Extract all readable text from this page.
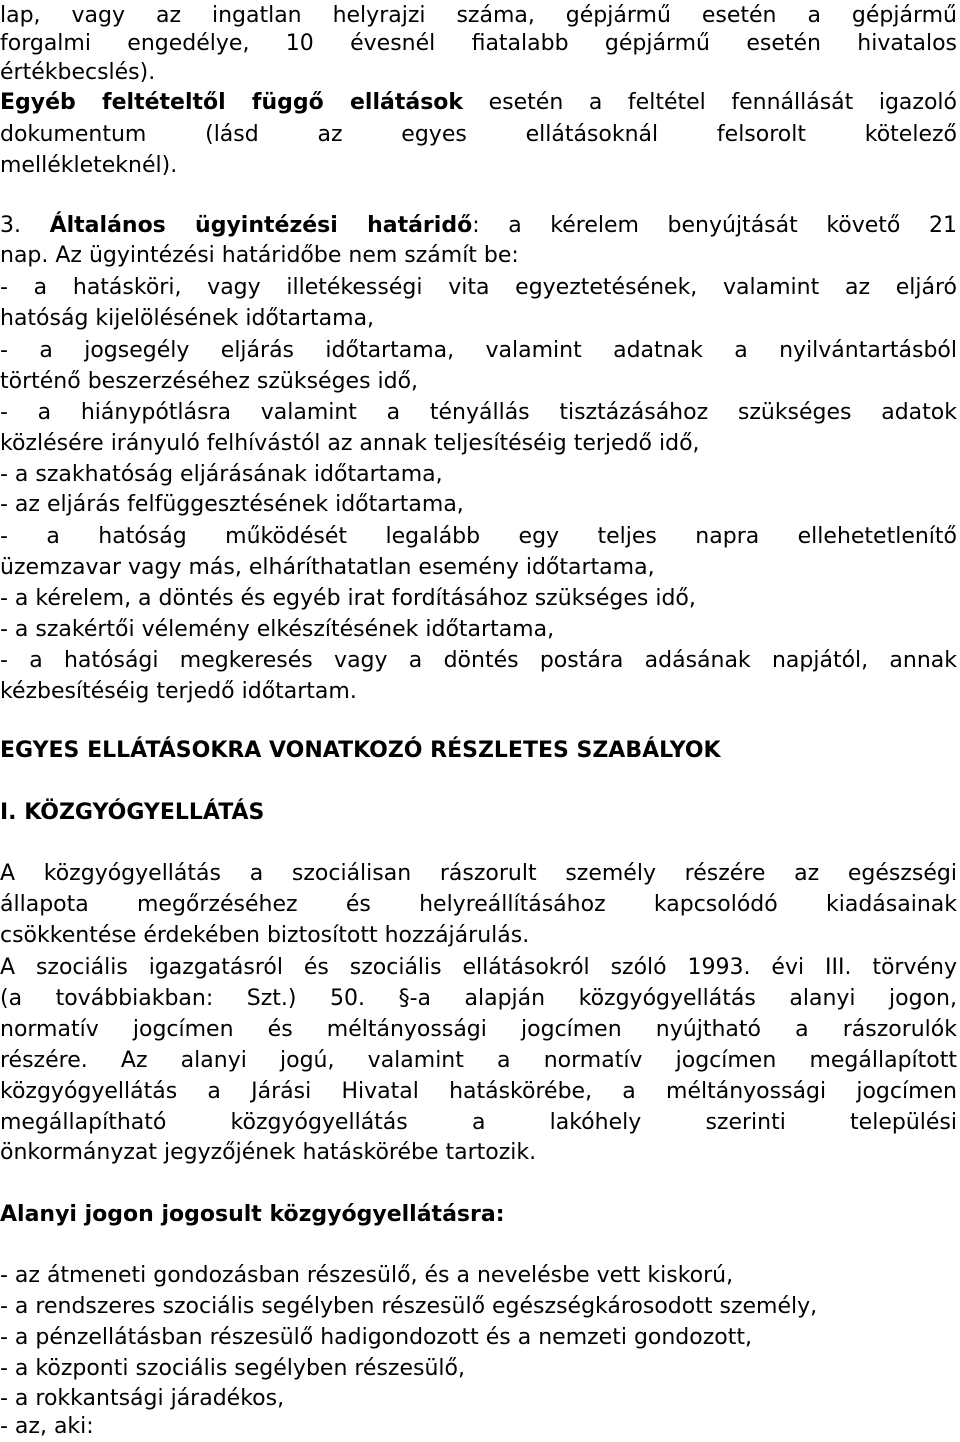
lap, vagy az ingatlan helyrajzi száma, gépjármű esetén a gépjármű
forgalmi engedélye, 10 évesnél fiatalabb gépjármű esetén hivatalos
értékbecslés).
Egyéb feltételtől függő ellátások esetén a feltétel fennállását igazoló
dokumentum (lásd az egyes ellátásoknál felsorolt kötelező
mellékleteknél).
3. Általános ügyintézési határidő: a kérelem benyújtását követő 21
nap. Az ügyintézési határidőbe nem számít be:
- a hatásköri, vagy illetékességi vita egyeztetésének, valamint az eljáró
hatóság kijelölésének időtartama,
- a jogsegély eljárás időtartama, valamint adatnak a nyilvántartásból
történő beszerzéséhez szükséges idő,
- a hiánypótlásra valamint a tényállás tisztázásához szükséges adatok
közlésére irányuló felhívástól az annak teljesítéséig terjedő idő,
- a szakhatóság eljárásának időtartama,
- az eljárás felfüggesztésének időtartama,
- a hatóság működését legalább egy teljes napra ellehetetlenítő
üzemzavar vagy más, elháríthatatlan esemény időtartama,
- a kérelem, a döntés és egyéb irat fordításához szükséges idő,
- a szakértői vélemény elkészítésének időtartama,
- a hatósági megkeresés vagy a döntés postára adásának napjától, annak
kézbesítéséig terjedő időtartam.
EGYES ELLÁTÁSOKRA VONATKOZÓ RÉSZLETES SZABÁLYOK
I. KÖZGYÓGYELLÁTÁS
A közgyógyellátás a szociálisan rászorult személy részére az egészségi
állapota megőrzéséhez és helyreállításához kapcsolódó kiadásainak
csökkentése érdekében biztosított hozzájárulás.
A szociális igazgatásról és szociális ellátásokról szóló 1993. évi III. törvény
(a továbbiakban: Szt.) 50. §-a alapján közgyógyellátás alanyi jogon,
normatív jogcímen és méltányossági jogcímen nyújtható a rászorulók
részére. Az alanyi jogú, valamint a normatív jogcímen megállapított
közgyógyellátás a Járási Hivatal hatáskörébe, a méltányossági jogcímen
megállapítható közgyógyellátás a lakóhely szerinti települési
önkormányzat jegyzőjének hatáskörébe tartozik.
Alanyi jogon jogosult közgyógyellátásra:
- az átmeneti gondozásban részesülő, és a nevelésbe vett kiskorú,
- a rendszeres szociális segélyben részesülő egészségkárosodott személy,
- a pénzellátásban részesülő hadigondozott és a nemzeti gondozott,
- a központi szociális segélyben részesülő,
- a rokkantsági járadékos,
- az, aki:
